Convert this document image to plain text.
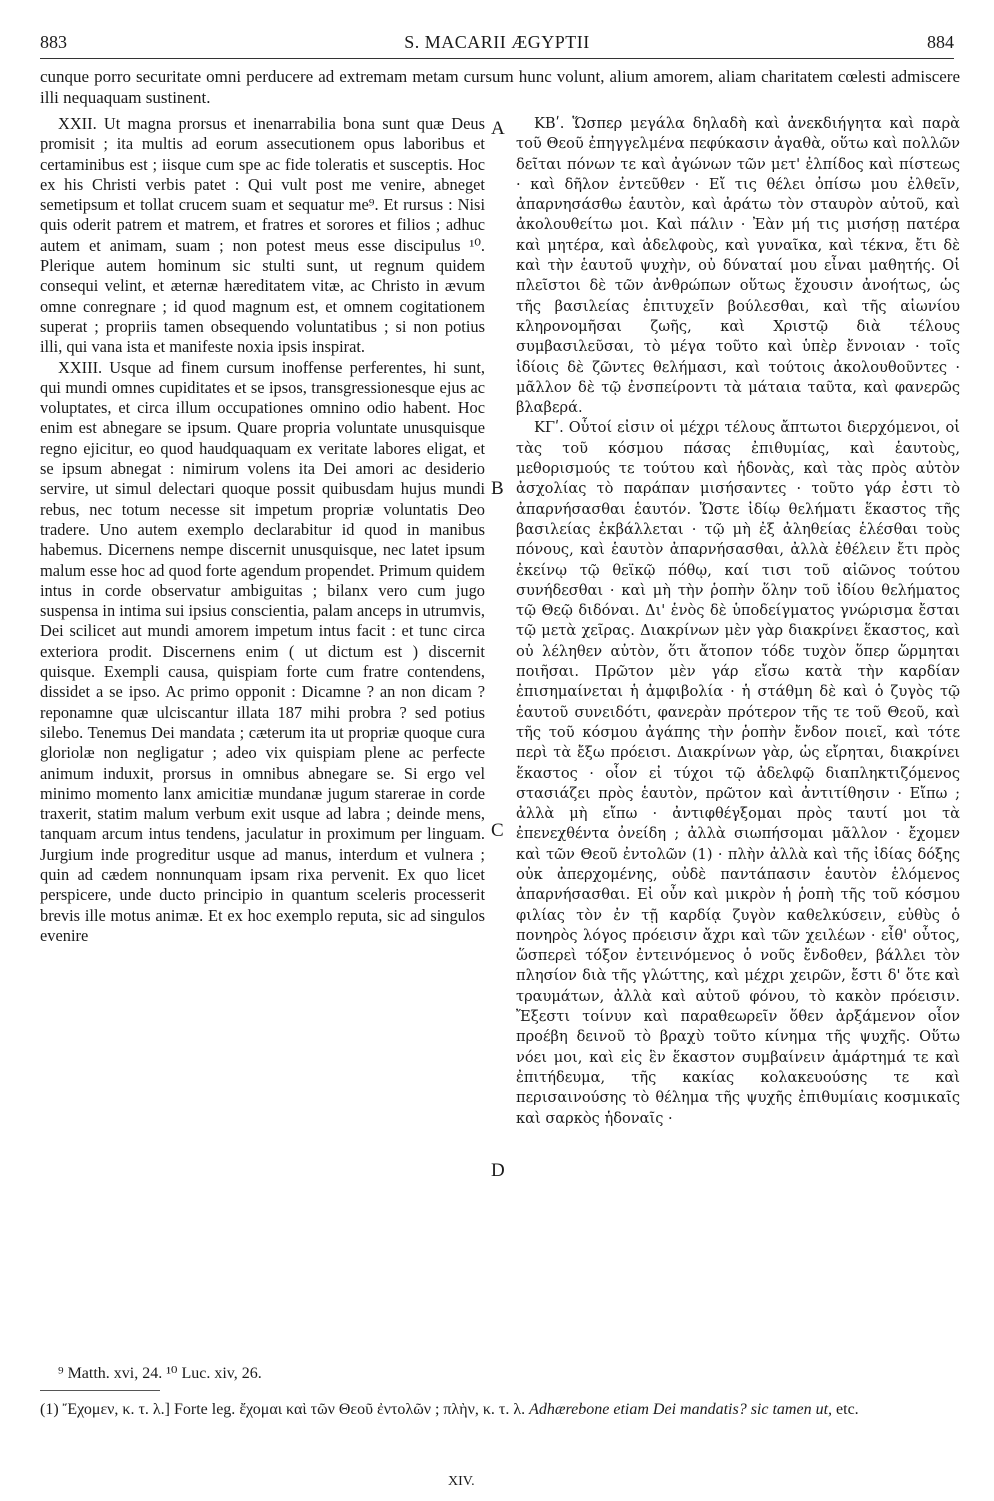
883	S. MACARII ÆGYPTII	884
cunque porro securitate omni perducere ad extremam metam cursum hunc volunt, alium amorem, aliam charitatem cœlesti admiscere illi nequaquam sustinent.

XXII. Ut magna prorsus et inenarrabilia bona sunt quæ Deus promisit ; ita multis ad eorum assecutionem opus laboribus et certaminibus est ; iisque cum spe ac fide toleratis et susceptis. Hoc ex his Christi verbis patet : Qui vult post me venire, abneget semetipsum et tollat crucem suam et sequatur me⁹. Et rursus : Nisi quis oderit patrem et matrem, et fratres et sorores et filios ; adhuc autem et animam, suam ; non potest meus esse discipulus ¹⁰. Plerique autem hominum sic stulti sunt, ut regnum quidem consequi velint, et æternæ hæreditatem vitæ, ac Christo in ævum omne conregnare ; id quod magnum est, et omnem cogitationem superat ; propriis tamen obsequendo voluntatibus ; si non potius illi, qui vana ista et manifeste noxia ipsis inspirat.

XXIII. Usque ad finem cursum inoffense perferentes, hi sunt, qui mundi omnes cupiditates et se ipsos, transgressionesque ejus ac voluptates, et circa illum occupationes omnino odio habent. Hoc enim est abnegare se ipsum. Quare propria voluntate unusquisque regno ejicitur, eo quod haudquaquam ex veritate labores eligat, et se ipsum abnegat : nimirum volens ita Dei amori ac desiderio servire, ut simul delectari quoque possit quibusdam hujus mundi rebus, nec totum necesse sit impetum propriæ voluntatis Deo tradere. Uno autem exemplo declarabitur id quod in manibus habemus. Dicernens nempe discernit unusquisque, nec latet ipsum malum esse hoc ad quod forte agendum propendet. Primum quidem intus in corde observatur ambiguitas ; bilanx vero cum jugo suspensa in intima sui ipsius conscientia, palam anceps in utrumvis, Dei scilicet aut mundi amorem impetum intus facit : et tunc circa exteriora prodit. Discernens enim ( ut dictum est ) discernit quisque. Exempli causa, quispiam forte cum fratre contendens, dissidet a se ipso. Ac primo opponit : Dicamne ? an non dicam ? reponamne quæ ulciscantur illata 187 mihi probra ? sed potius silebo. Tenemus Dei mandata ; cæterum ita ut propriæ quoque cura gloriolæ non negligatur ; adeo vix quispiam plene ac perfecte animum induxit, prorsus in omnibus abnegare se. Si ergo vel minimo momento lanx amicitiæ mundanæ jugum starerae in corde traxerit, statim malum verbum exit usque ad labra ; deinde mens, tanquam arcum intus tendens, jaculatur in proximum per linguam. Jurgium inde progreditur usque ad manus, interdum et vulnera ; quin ad cædem nonnunquam ipsam rixa pervenit. Ex quo licet perspicere, unde ducto principio in quantum sceleris processerit brevis ille motus animæ. Et ex hoc exemplo reputa, sic ad singulos evenire

A
B
C
D

ΚΒʹ. Ὥσπερ μεγάλα δηλαδὴ καὶ ἀνεκδιήγητα καὶ παρὰ τοῦ Θεοῦ ἐπηγγελμένα πεφύκασιν ἀγαθὰ, οὕτω καὶ πολλῶν δεῖται πόνων τε καὶ ἀγώνων τῶν μετ' ἐλπίδος καὶ πίστεως · καὶ δῆλον ἐντεῦθεν · Εἴ τις θέλει ὀπίσω μου ἐλθεῖν, ἀπαρνησάσθω ἑαυτὸν, καὶ ἀράτω τὸν σταυρὸν αὐτοῦ, καὶ ἀκολουθείτω μοι. Καὶ πάλιν · Ἐὰν μή τις μισήσῃ πατέρα καὶ μητέρα, καὶ ἀδελφοὺς, καὶ γυναῖκα, καὶ τέκνα, ἔτι δὲ καὶ τὴν ἑαυτοῦ ψυχὴν, οὐ δύναταί μου εἶναι μαθητής. Οἱ πλεῖστοι δὲ τῶν ἀνθρώπων οὕτως ἔχουσιν ἀνοήτως, ὡς τῆς βασιλείας ἐπιτυχεῖν βούλεσθαι, καὶ τῆς αἰωνίου κληρονομῆσαι ζωῆς, καὶ Χριστῷ διὰ τέλους συμβασιλεῦσαι, τὸ μέγα τοῦτο καὶ ὑπὲρ ἔννοιαν · τοῖς ἰδίοις δὲ ζῶντες θελήμασι, καὶ τούτοις ἀκολουθοῦντες · μᾶλλον δὲ τῷ ἐνσπείροντι τὰ μάταια ταῦτα, καὶ φανερῶς βλαβερά.

ΚΓʹ. Οὗτοί εἰσιν οἱ μέχρι τέλους ἄπτωτοι διερχόμενοι, οἱ τὰς τοῦ κόσμου πάσας ἐπιθυμίας, καὶ ἑαυτοὺς, μεθορισμούς τε τούτου καὶ ἡδονὰς, καὶ τὰς πρὸς αὐτὸν ἀσχολίας τὸ παράπαν μισήσαντες · τοῦτο γάρ ἐστι τὸ ἀπαρνήσασθαι ἑαυτόν. Ὥστε ἰδίῳ θελήματι ἕκαστος τῆς βασιλείας ἐκβάλλεται · τῷ μὴ ἐξ ἀληθείας ἑλέσθαι τοὺς πόνους, καὶ ἑαυτὸν ἀπαρνήσασθαι, ἀλλὰ ἐθέλειν ἔτι πρὸς ἐκείνῳ τῷ θεϊκῷ πόθῳ, καί τισι τοῦ αἰῶνος τούτου συνήδεσθαι · καὶ μὴ τὴν ῥοπὴν ὅλην τοῦ ἰδίου θελήματος τῷ Θεῷ διδόναι. Δι' ἑνὸς δὲ ὑποδείγματος γνώρισμα ἔσται τῷ μετὰ χεῖρας. Διακρίνων μὲν γὰρ διακρίνει ἕκαστος, καὶ οὐ λέληθεν αὐτὸν, ὅτι ἄτοπον τόδε τυχὸν ὅπερ ὥρμηται ποιῆσαι. Πρῶτον μὲν γάρ εἴσω κατὰ τὴν καρδίαν ἐπισημαίνεται ἡ ἀμφιβολία · ἡ στάθμη δὲ καὶ ὁ ζυγὸς τῷ ἑαυτοῦ συνειδότι, φανερὰν πρότερον τῆς τε τοῦ Θεοῦ, καὶ τῆς τοῦ κόσμου ἀγάπης τὴν ῥοπὴν ἔνδον ποιεῖ, καὶ τότε περὶ τὰ ἔξω πρόεισι. Διακρίνων γὰρ, ὡς εἴρηται, διακρίνει ἕκαστος · οἷον εἰ τύχοι τῷ ἀδελφῷ διαπληκτιζόμενος στασιάζει πρὸς ἑαυτὸν, πρῶτον καὶ ἀντιτίθησιν · Εἴπω ; ἀλλὰ μὴ εἴπω · ἀντιφθέγξομαι πρὸς ταυτί μοι τὰ ἐπενεχθέντα ὀνείδη ; ἀλλὰ σιωπήσομαι μᾶλλον · ἔχομεν καὶ τῶν Θεοῦ ἐντολῶν (1) · πλὴν ἀλλὰ καὶ τῆς ἰδίας δόξης οὐκ ἀπερχομένης, οὐδὲ παντάπασιν ἑαυτὸν ἑλόμενος ἀπαρνήσασθαι. Εἰ οὖν καὶ μικρὸν ἡ ῥοπὴ τῆς τοῦ κόσμου φιλίας τὸν ἐν τῇ καρδίᾳ ζυγὸν καθελκύσειν, εὐθὺς ὁ πονηρὸς λόγος πρόεισιν ἄχρι καὶ τῶν χειλέων · εἶθ' οὗτος, ὥσπερεὶ τόξον ἐντεινόμενος ὁ νοῦς ἔνδοθεν, βάλλει τὸν πλησίον διὰ τῆς γλώττης, καὶ μέχρι χειρῶν, ἔστι δ' ὅτε καὶ τραυμάτων, ἀλλὰ καὶ αὐτοῦ φόνου, τὸ κακὸν πρόεισιν. Ἔξεστι τοίνυν καὶ παραθεωρεῖν ὅθεν ἀρξάμενον οἷον προέβη δεινοῦ τὸ βραχὺ τοῦτο κίνημα τῆς ψυχῆς. Οὕτω νόει μοι, καὶ εἰς ἓν ἕκαστον συμβαίνειν ἁμάρτημά τε καὶ ἐπιτήδευμα, τῆς κακίας κολακευούσης τε καὶ περισαινούσης τὸ θέλημα τῆς ψυχῆς ἐπιθυμίαις κοσμικαῖς καὶ σαρκὸς ἡδοναῖς ·

⁹ Matth. xvi, 24. ¹⁰ Luc. xiv, 26.
(1) Ἔχομεν, κ. τ. λ.] Forte leg. ἔχομαι καὶ τῶν Θεοῦ ἐντολῶν ; πλὴν, κ. τ. λ. Adhærebone etiam Dei mandatis? sic tamen ut, etc.
XIV.
